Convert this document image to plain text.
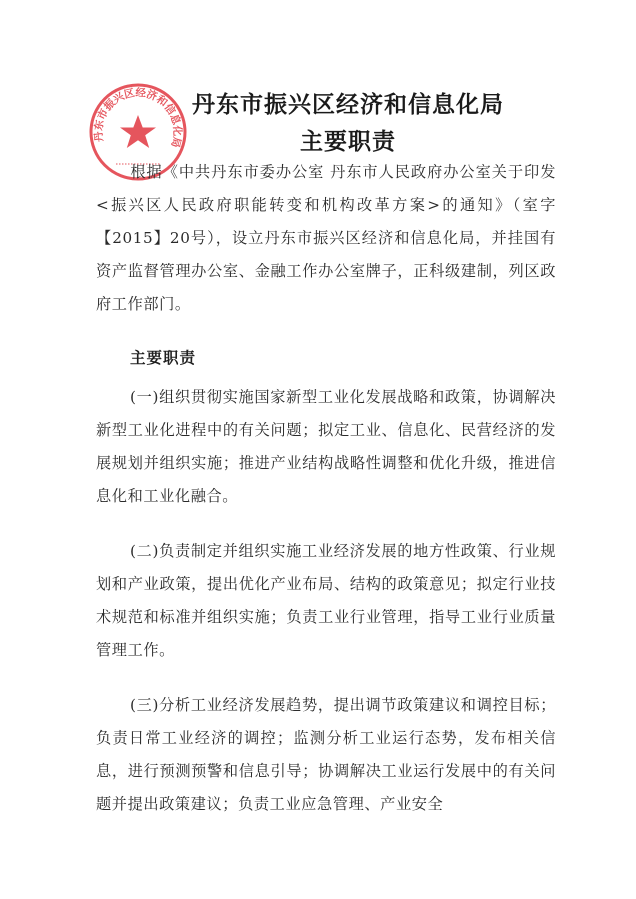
丹东市振兴区经济和信息化局
丹东市振兴区经济和信息化局
主要职责
根据《中共丹东市委办公室 丹东市人民政府办公室关于印发<振兴区人民政府职能转变和机构改革方案>的通知》（室字【2015】20号），设立丹东市振兴区经济和信息化局，并挂国有资产监督管理办公室、金融工作办公室牌子，正科级建制，列区政府工作部门。
主要职责
(一)组织贯彻实施国家新型工业化发展战略和政策，协调解决新型工业化进程中的有关问题；拟定工业、信息化、民营经济的发展规划并组织实施；推进产业结构战略性调整和优化升级，推进信息化和工业化融合。
(二)负责制定并组织实施工业经济发展的地方性政策、行业规划和产业政策，提出优化产业布局、结构的政策意见；拟定行业技术规范和标准并组织实施；负责工业行业管理，指导工业行业质量管理工作。
(三)分析工业经济发展趋势，提出调节政策建议和调控目标；负责日常工业经济的调控；监测分析工业运行态势，发布相关信息，进行预测预警和信息引导；协调解决工业运行发展中的有关问题并提出政策建议；负责工业应急管理、产业安全
